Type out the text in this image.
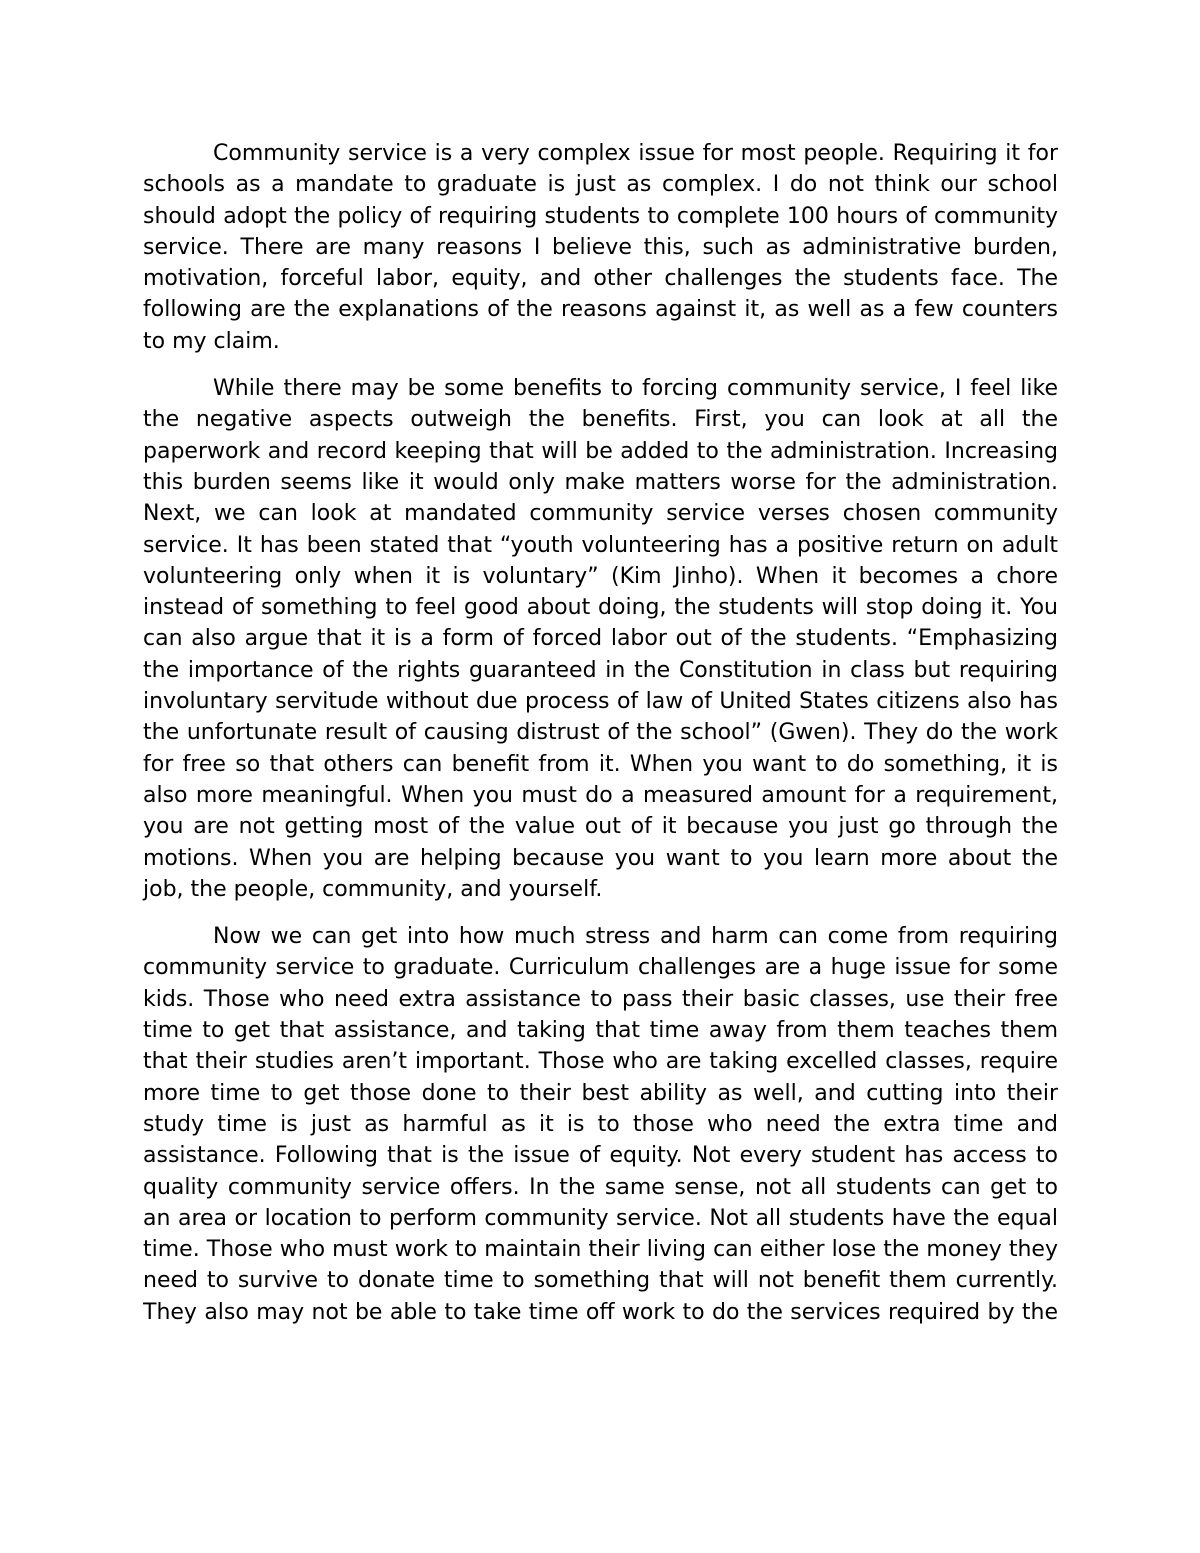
Community service is a very complex issue for most people. Requiring it for schools as a mandate to graduate is just as complex. I do not think our school should adopt the policy of requiring students to complete 100 hours of community service. There are many reasons I believe this, such as administrative burden, motivation, forceful labor, equity, and other challenges the students face. The following are the explanations of the reasons against it, as well as a few counters to my claim.

While there may be some benefits to forcing community service, I feel like the negative aspects outweigh the benefits. First, you can look at all the paperwork and record keeping that will be added to the administration. Increasing this burden seems like it would only make matters worse for the administration. Next, we can look at mandated community service verses chosen community service. It has been stated that “youth volunteering has a positive return on adult volunteering only when it is voluntary” (Kim Jinho). When it becomes a chore instead of something to feel good about doing, the students will stop doing it. You can also argue that it is a form of forced labor out of the students. “Emphasizing the importance of the rights guaranteed in the Constitution in class but requiring involuntary servitude without due process of law of United States citizens also has the unfortunate result of causing distrust of the school” (Gwen). They do the work for free so that others can benefit from it. When you want to do something, it is also more meaningful. When you must do a measured amount for a requirement, you are not getting most of the value out of it because you just go through the motions. When you are helping because you want to you learn more about the job, the people, community, and yourself.

Now we can get into how much stress and harm can come from requiring community service to graduate. Curriculum challenges are a huge issue for some kids. Those who need extra assistance to pass their basic classes, use their free time to get that assistance, and taking that time away from them teaches them that their studies aren’t important. Those who are taking excelled classes, require more time to get those done to their best ability as well, and cutting into their study time is just as harmful as it is to those who need the extra time and assistance. Following that is the issue of equity. Not every student has access to quality community service offers. In the same sense, not all students can get to an area or location to perform community service. Not all students have the equal time. Those who must work to maintain their living can either lose the money they need to survive to donate time to something that will not benefit them currently. They also may not be able to take time off work to do the services required by the
